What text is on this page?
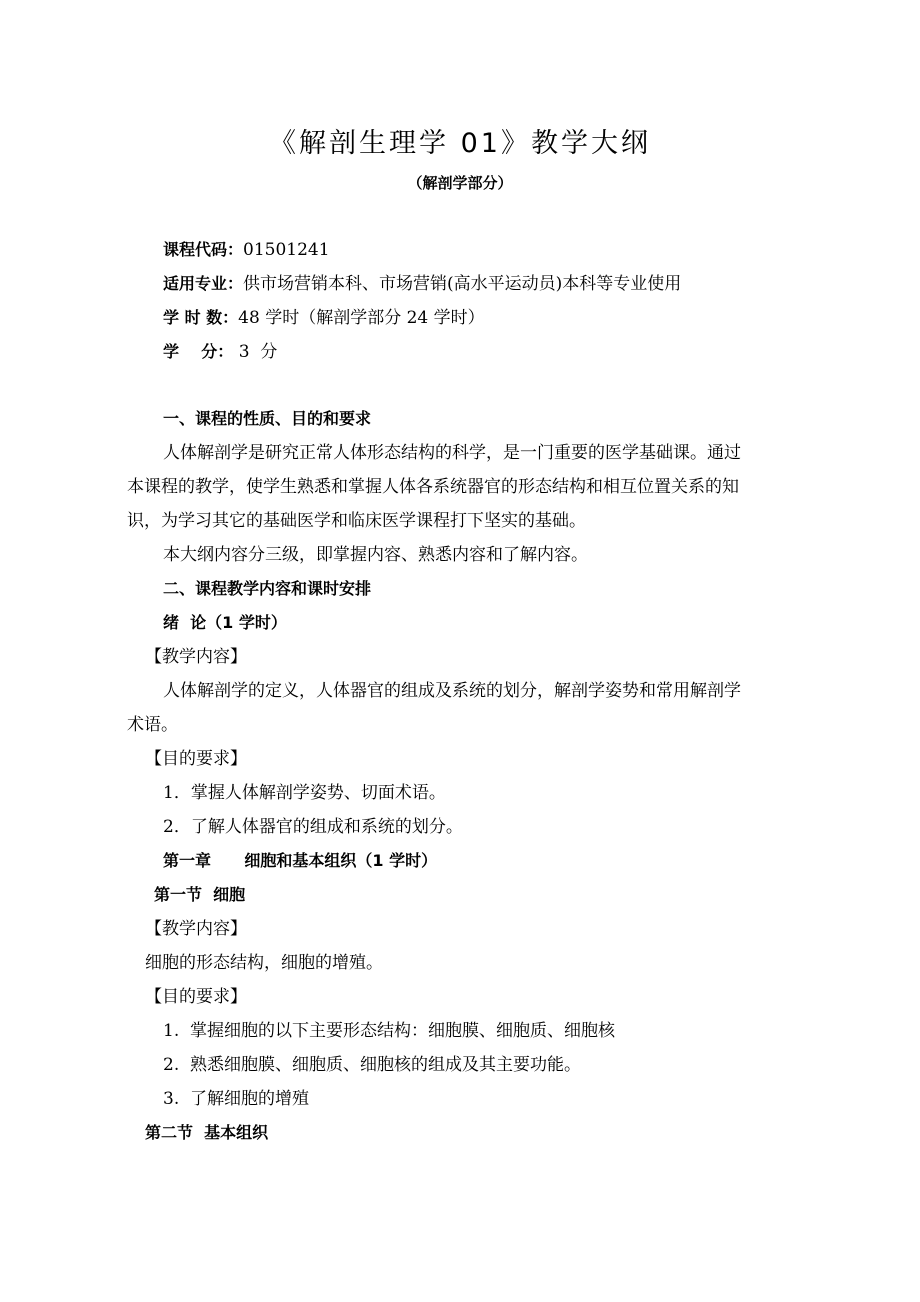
《解剖生理学 01》教学大纲
（解剖学部分）
课程代码：01501241
适用专业：供市场营销本科、市场营销(高水平运动员)本科等专业使用
学 时 数：48 学时（解剖学部分 24 学时）
学    分： 3  分
一、课程的性质、目的和要求
人体解剖学是研究正常人体形态结构的科学，是一门重要的医学基础课。通过
本课程的教学，使学生熟悉和掌握人体各系统器官的形态结构和相互位置关系的知
识，为学习其它的基础医学和临床医学课程打下坚实的基础。
本大纲内容分三级，即掌握内容、熟悉内容和了解内容。
二、课程教学内容和课时安排
绪  论（1 学时）
【教学内容】
人体解剖学的定义，人体器官的组成及系统的划分，解剖学姿势和常用解剖学
术语。
【目的要求】
1．掌握人体解剖学姿势、切面术语。
2．了解人体器官的组成和系统的划分。
第一章      细胞和基本组织（1 学时）
第一节  细胞
【教学内容】
细胞的形态结构，细胞的增殖。
【目的要求】
1.  掌握细胞的以下主要形态结构：细胞膜、细胞质、细胞核
2.  熟悉细胞膜、细胞质、细胞核的组成及其主要功能。
3.  了解细胞的增殖
第二节  基本组织
